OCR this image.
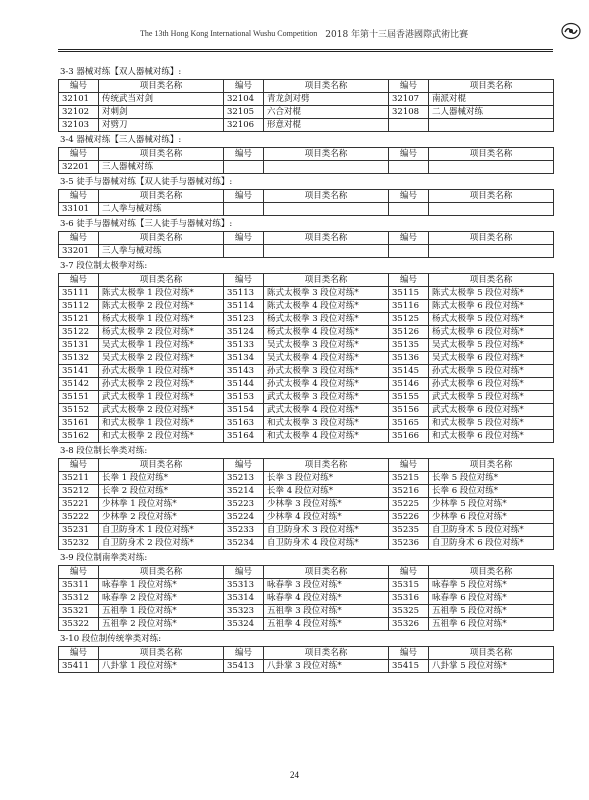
The 13th Hong Kong International Wushu Competition 2018 年第十三屆香港國際武術比賽
3-3 器械对练【双人器械对练】:
编号	项目类名称	编号	项目类名称	编号	项目类名称
32101	传统武当对剑	32104	青龙剑对劈	32107	南派对棍
32102	对刺剑	32105	六合对棍	32108	二人器械对练
32103	对劈刀	32106	形意对棍		
3-4 器械对练【三人器械对练】:
编号	项目类名称	编号	项目类名称	编号	项目类名称
32201	三人器械对练				
3-5 徒手与器械对练【双人徒手与器械对练】:
编号	项目类名称	编号	项目类名称	编号	项目类名称
33101	二人拳与械对练				
3-6 徒手与器械对练【三人徒手与器械对练】:
编号	项目类名称	编号	项目类名称	编号	项目类名称
33201	三人拳与械对练				
3-7 段位制太极拳对练:
编号	项目类名称	编号	项目类名称	编号	项目类名称
35111	陈式太极拳 1 段位对练*	35113	陈式太极拳 3 段位对练*	35115	陈式太极拳 5 段位对练*
35112	陈式太极拳 2 段位对练*	35114	陈式太极拳 4 段位对练*	35116	陈式太极拳 6 段位对练*
35121	杨式太极拳 1 段位对练*	35123	杨式太极拳 3 段位对练*	35125	杨式太极拳 5 段位对练*
35122	杨式太极拳 2 段位对练*	35124	杨式太极拳 4 段位对练*	35126	杨式太极拳 6 段位对练*
35131	吴式太极拳 1 段位对练*	35133	吴式太极拳 3 段位对练*	35135	吴式太极拳 5 段位对练*
35132	吴式太极拳 2 段位对练*	35134	吴式太极拳 4 段位对练*	35136	吴式太极拳 6 段位对练*
35141	孙式太极拳 1 段位对练*	35143	孙式太极拳 3 段位对练*	35145	孙式太极拳 5 段位对练*
35142	孙式太极拳 2 段位对练*	35144	孙式太极拳 4 段位对练*	35146	孙式太极拳 6 段位对练*
35151	武式太极拳 1 段位对练*	35153	武式太极拳 3 段位对练*	35155	武式太极拳 5 段位对练*
35152	武式太极拳 2 段位对练*	35154	武式太极拳 4 段位对练*	35156	武式太极拳 6 段位对练*
35161	和式太极拳 1 段位对练*	35163	和式太极拳 3 段位对练*	35165	和式太极拳 5 段位对练*
35162	和式太极拳 2 段位对练*	35164	和式太极拳 4 段位对练*	35166	和式太极拳 6 段位对练*
3-8 段位制长拳类对练:
编号	项目类名称	编号	项目类名称	编号	项目类名称
35211	长拳 1 段位对练*	35213	长拳 3 段位对练*	35215	长拳 5 段位对练*
35212	长拳 2 段位对练*	35214	长拳 4 段位对练*	35216	长拳 6 段位对练*
35221	少林拳 1 段位对练*	35223	少林拳 3 段位对练*	35225	少林拳 5 段位对练*
35222	少林拳 2 段位对练*	35224	少林拳 4 段位对练*	35226	少林拳 6 段位对练*
35231	自卫防身术 1 段位对练*	35233	自卫防身术 3 段位对练*	35235	自卫防身术 5 段位对练*
35232	自卫防身术 2 段位对练*	35234	自卫防身术 4 段位对练*	35236	自卫防身术 6 段位对练*
3-9 段位制南拳类对练:
编号	项目类名称	编号	项目类名称	编号	项目类名称
35311	咏春拳 1 段位对练*	35313	咏春拳 3 段位对练*	35315	咏春拳 5 段位对练*
35312	咏春拳 2 段位对练*	35314	咏春拳 4 段位对练*	35316	咏春拳 6 段位对练*
35321	五祖拳 1 段位对练*	35323	五祖拳 3 段位对练*	35325	五祖拳 5 段位对练*
35322	五祖拳 2 段位对练*	35324	五祖拳 4 段位对练*	35326	五祖拳 6 段位对练*
3-10 段位制传统拳类对练:
编号	项目类名称	编号	项目类名称	编号	项目类名称
35411	八卦掌 1 段位对练*	35413	八卦掌 3 段位对练*	35415	八卦掌 5 段位对练*
24
